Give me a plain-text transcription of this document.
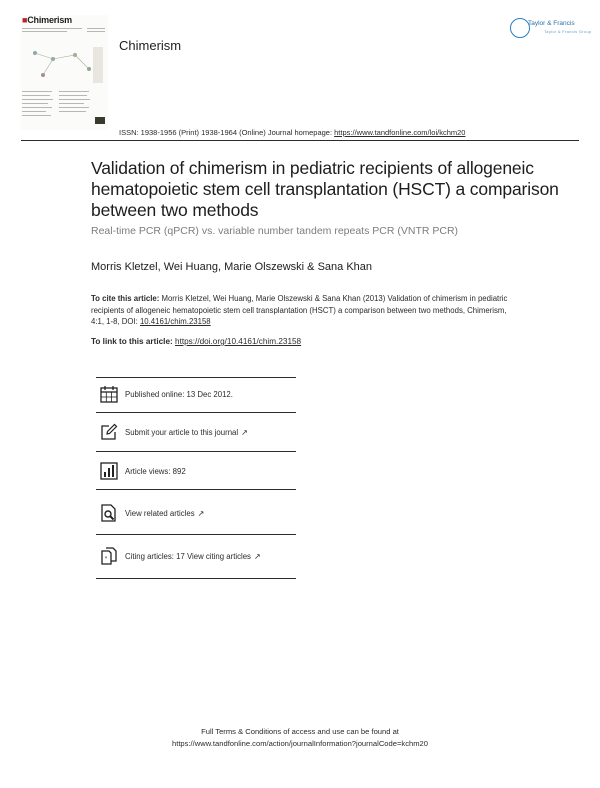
■Chimerism
Chimerism
Taylor & Francis
Taylor & Francis Group
ISSN: 1938-1956 (Print) 1938-1964 (Online) Journal homepage: https://www.tandfonline.com/loi/kchm20
Validation of chimerism in pediatric recipients of allogeneic hematopoietic stem cell transplantation (HSCT) a comparison between two methods
Real-time PCR (qPCR) vs. variable number tandem repeats PCR (VNTR PCR)
Morris Kletzel, Wei Huang, Marie Olszewski & Sana Khan
To cite this article: Morris Kletzel, Wei Huang, Marie Olszewski & Sana Khan (2013) Validation of chimerism in pediatric recipients of allogeneic hematopoietic stem cell transplantation (HSCT) a comparison between two methods, Chimerism, 4:1, 1-8, DOI: 10.4161/chim.23158
To link to this article: https://doi.org/10.4161/chim.23158
Published online: 13 Dec 2012.
Submit your article to this journal ↗
Article views: 892
View related articles ↗
" Citing articles: 17 View citing articles ↗
Full Terms & Conditions of access and use can be found at
https://www.tandfonline.com/action/journalInformation?journalCode=kchm20
